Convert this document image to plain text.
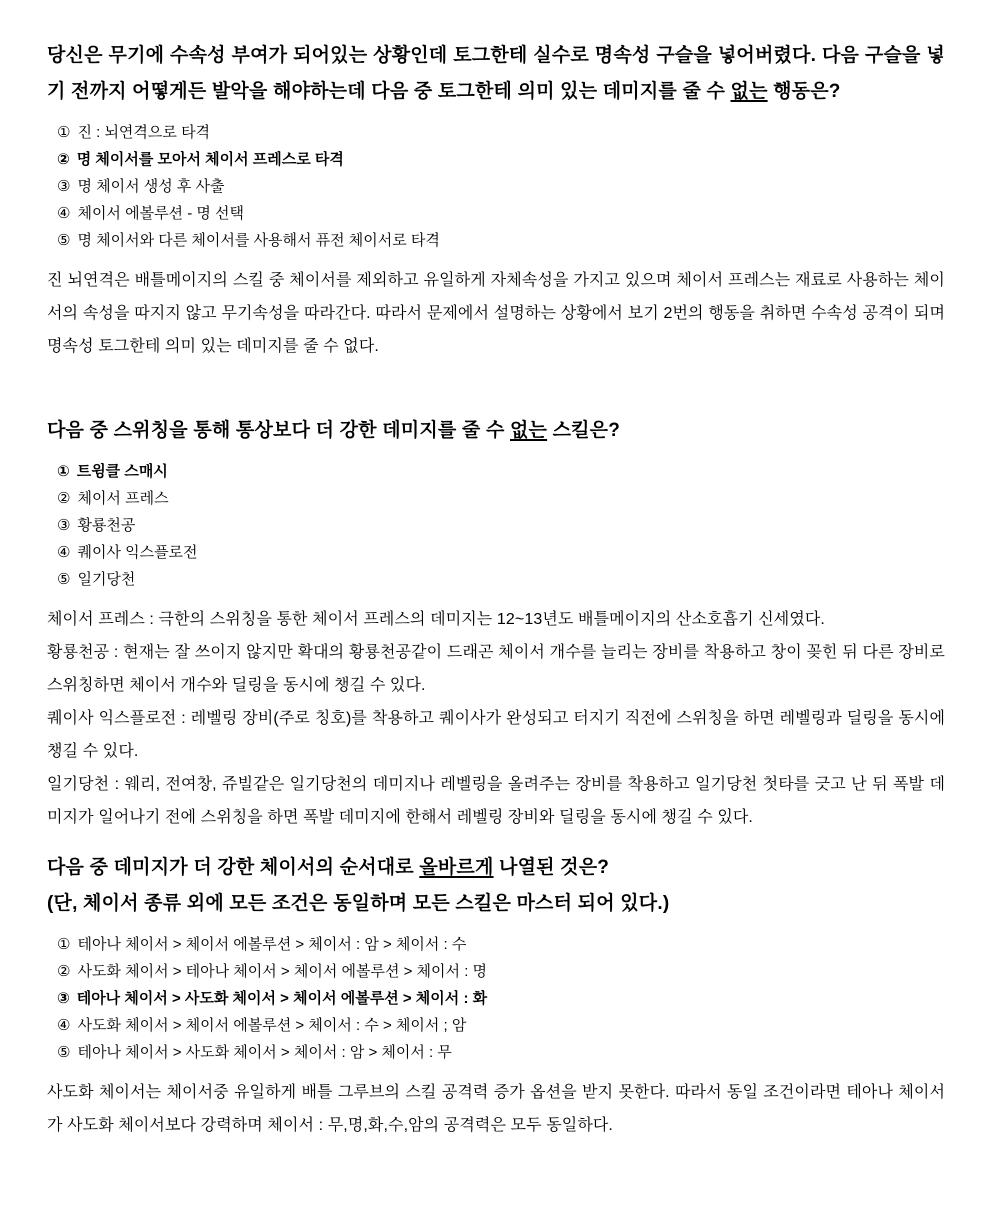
당신은 무기에 수속성 부여가 되어있는 상황인데 토그한테 실수로 명속성 구슬을 넣어버렸다. 다음 구슬을 넣기 전까지 어떻게든 발악을 해야하는데 다음 중 토그한테 의미 있는 데미지를 줄 수 없는 행동은?

① 진 : 뇌연격으로 타격
② 명 체이서를 모아서 체이서 프레스로 타격
③ 명 체이서 생성 후 사출
④ 체이서 에볼루션 - 명 선택
⑤ 명 체이서와 다른 체이서를 사용해서 퓨전 체이서로 타격

진 뇌연격은 배틀메이지의 스킬 중 체이서를 제외하고 유일하게 자체속성을 가지고 있으며 체이서 프레스는 재료로 사용하는 체이서의 속성을 따지지 않고 무기속성을 따라간다. 따라서 문제에서 설명하는 상황에서 보기 2번의 행동을 취하면 수속성 공격이 되며 명속성 토그한테 의미 있는 데미지를 줄 수 없다.

다음 중 스위칭을 통해 통상보다 더 강한 데미지를 줄 수 없는 스킬은?

① 트윙클 스매시
② 체이서 프레스
③ 황룡천공
④ 퀘이사 익스플로전
⑤ 일기당천

체이서 프레스 : 극한의 스위칭을 통한 체이서 프레스의 데미지는 12~13년도 배틀메이지의 산소호흡기 신세였다.

황룡천공 : 현재는 잘 쓰이지 않지만 확대의 황룡천공같이 드래곤 체이서 개수를 늘리는 장비를 착용하고 창이 꽂힌 뒤 다른 장비로 스위칭하면 체이서 개수와 딜링을 동시에 챙길 수 있다.

퀘이사 익스플로전 : 레벨링 장비(주로 칭호)를 착용하고 퀘이사가 완성되고 터지기 직전에 스위칭을 하면 레벨링과 딜링을 동시에 챙길 수 있다.

일기당천 : 웨리, 전여창, 쥬빌같은 일기당천의 데미지나 레벨링을 올려주는 장비를 착용하고 일기당천 첫타를 긋고 난 뒤 폭발 데미지가 일어나기 전에 스위칭을 하면 폭발 데미지에 한해서 레벨링 장비와 딜링을 동시에 챙길 수 있다.

다음 중 데미지가 더 강한 체이서의 순서대로 올바르게 나열된 것은?

(단, 체이서 종류 외에 모든 조건은 동일하며 모든 스킬은 마스터 되어 있다.)

① 테아나 체이서 > 체이서 에볼루션 > 체이서 : 암 > 체이서 : 수
② 사도화 체이서 > 테아나 체이서 > 체이서 에볼루션 > 체이서 : 명
③ 테아나 체이서 > 사도화 체이서 > 체이서 에볼루션 > 체이서 : 화
④ 사도화 체이서 > 체이서 에볼루션 > 체이서 : 수 > 체이서 ; 암
⑤ 테아나 체이서 > 사도화 체이서 > 체이서 : 암 > 체이서 : 무

사도화 체이서는 체이서중 유일하게 배틀 그루브의 스킬 공격력 증가 옵션을 받지 못한다. 따라서 동일 조건이라면 테아나 체이서가 사도화 체이서보다 강력하며 체이서 : 무,명,화,수,암의 공격력은 모두 동일하다.
